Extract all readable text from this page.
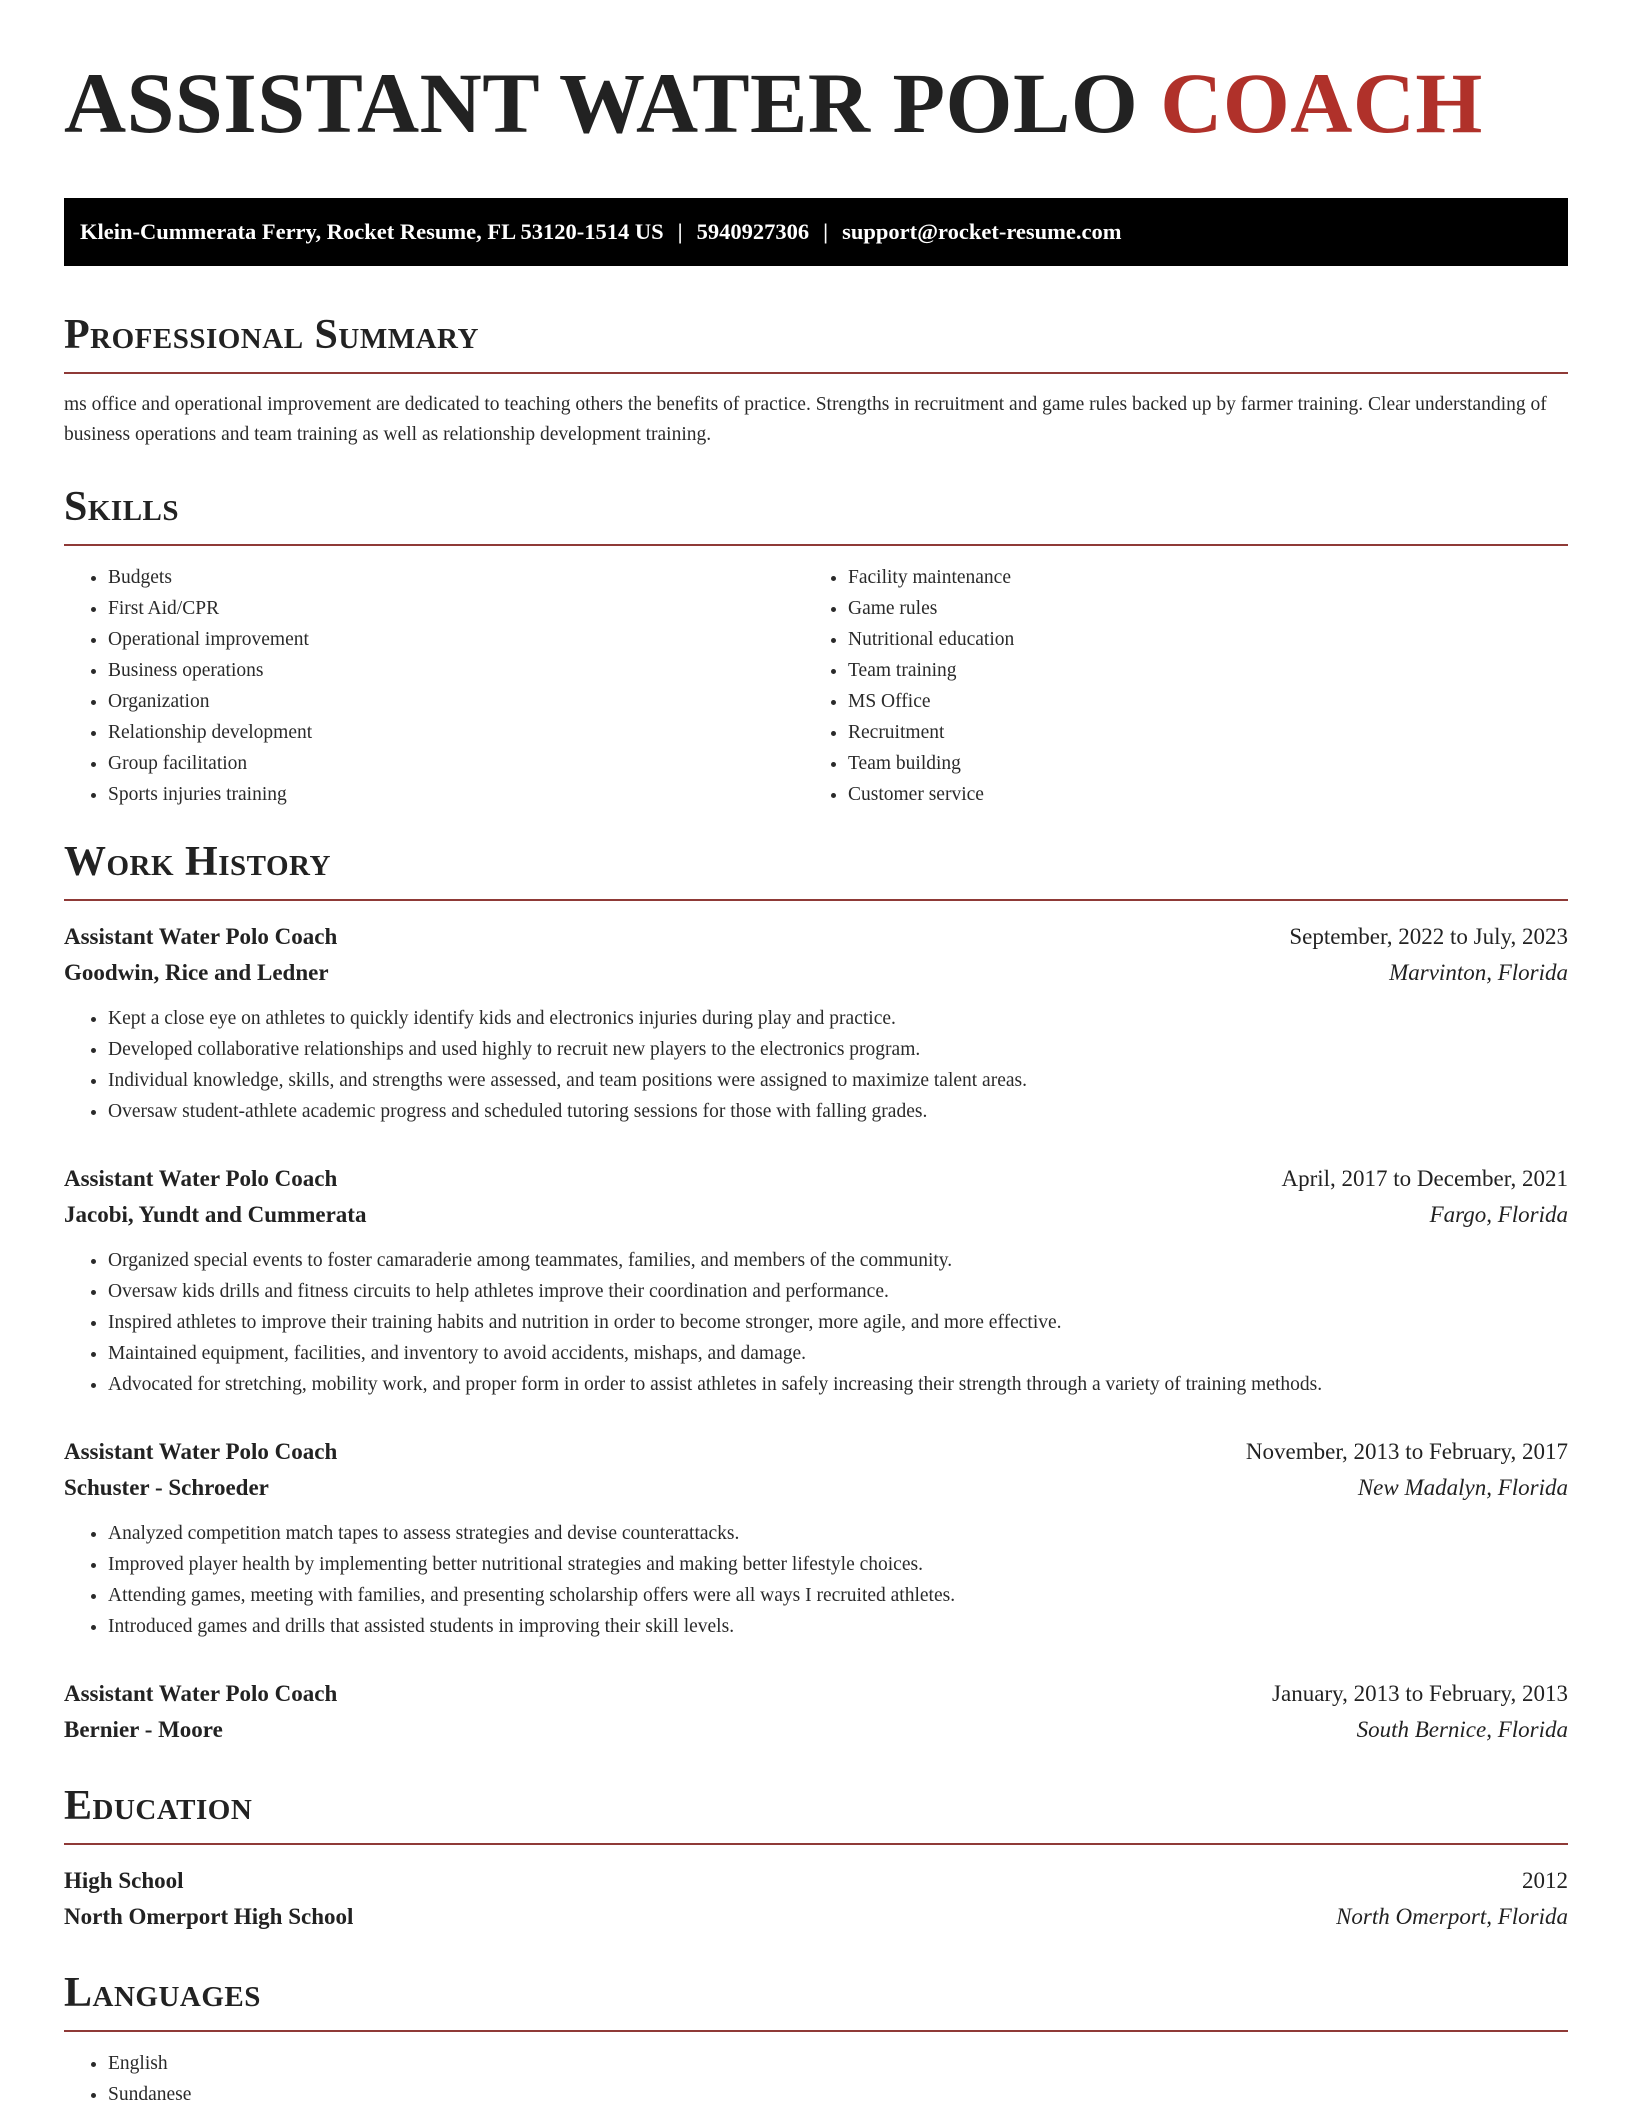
ASSISTANT WATER POLO COACH
Klein-Cummerata Ferry, Rocket Resume, FL 53120-1514 US | 5940927306 | support@rocket-resume.com
Professional Summary

ms office and operational improvement are dedicated to teaching others the benefits of practice. Strengths in recruitment and game rules backed up by farmer training. Clear understanding of business operations and team training as well as relationship development training.

Skills
• Budgets
• First Aid/CPR
• Operational improvement
• Business operations
• Organization
• Relationship development
• Group facilitation
• Sports injuries training
• Facility maintenance
• Game rules
• Nutritional education
• Team training
• MS Office
• Recruitment
• Team building
• Customer service
Work History
Assistant Water Polo Coach	September, 2022 to July, 2023
Goodwin, Rice and Ledner	Marvinton, Florida
• Kept a close eye on athletes to quickly identify kids and electronics injuries during play and practice.
• Developed collaborative relationships and used highly to recruit new players to the electronics program.
• Individual knowledge, skills, and strengths were assessed, and team positions were assigned to maximize talent areas.
• Oversaw student-athlete academic progress and scheduled tutoring sessions for those with falling grades.
Assistant Water Polo Coach	April, 2017 to December, 2021
Jacobi, Yundt and Cummerata	Fargo, Florida
• Organized special events to foster camaraderie among teammates, families, and members of the community.
• Oversaw kids drills and fitness circuits to help athletes improve their coordination and performance.
• Inspired athletes to improve their training habits and nutrition in order to become stronger, more agile, and more effective.
• Maintained equipment, facilities, and inventory to avoid accidents, mishaps, and damage.
• Advocated for stretching, mobility work, and proper form in order to assist athletes in safely increasing their strength through a variety of training methods.
Assistant Water Polo Coach	November, 2013 to February, 2017
Schuster - Schroeder	New Madalyn, Florida
• Analyzed competition match tapes to assess strategies and devise counterattacks.
• Improved player health by implementing better nutritional strategies and making better lifestyle choices.
• Attending games, meeting with families, and presenting scholarship offers were all ways I recruited athletes.
• Introduced games and drills that assisted students in improving their skill levels.
Assistant Water Polo Coach	January, 2013 to February, 2013
Bernier - Moore	South Bernice, Florida
Education
High School	2012
North Omerport High School	North Omerport, Florida
Languages
• English
• Sundanese
